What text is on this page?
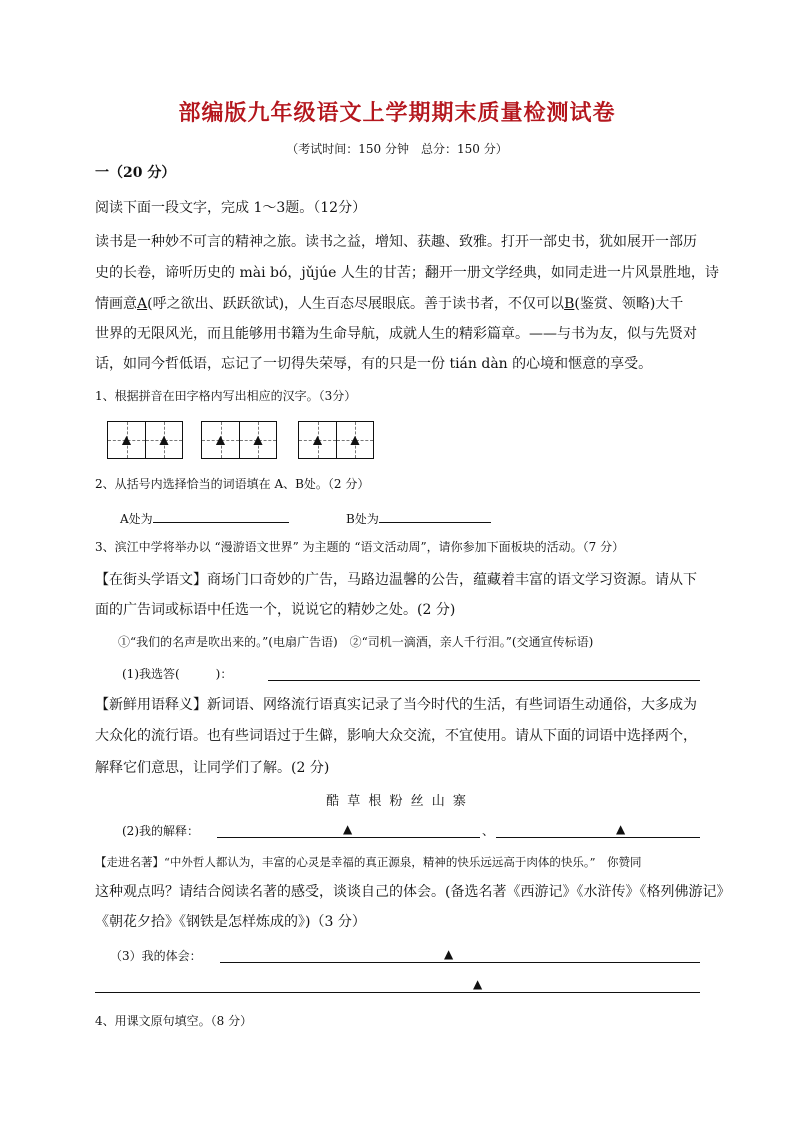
部编版九年级语文上学期期末质量检测试卷
（考试时间：150 分钟　总分：150 分）
一（20 分）
阅读下面一段文字，完成 1～3题。（12分）
读书是一种妙不可言的精神之旅。读书之益，增知、获趣、致雅。打开一部史书，犹如展开一部历
史的长卷，谛听历史的 mài bó，jǔjúe 人生的甘苦；翻开一册文学经典，如同走进一片风景胜地，诗
情画意A(呼之欲出、跃跃欲试)，人生百态尽展眼底。善于读书者，不仅可以B(鉴赏、领略)大千
世界的无限风光，而且能够用书籍为生命导航，成就人生的精彩篇章。——与书为友，似与先贤对
话，如同今哲低语，忘记了一切得失荣辱，有的只是一份 tián dàn 的心境和惬意的享受。
1、根据拼音在田字格内写出相应的汉字。（3分）
▲ ▲	▲ ▲	▲ ▲
2、从括号内选择恰当的词语填在 A、B处。（2 分）
A处为	B处为
3、滨江中学将举办以 “漫游语文世界” 为主题的 “语文活动周”，请你参加下面板块的活动。（7 分）
【在街头学语文】商场门口奇妙的广告，马路边温馨的公告，蕴藏着丰富的语文学习资源。请从下
面的广告词或标语中任选一个，说说它的精妙之处。(2 分)
①“我们的名声是吹出来的。”(电扇广告语)　②“司机一滴酒，亲人千行泪。”(交通宣传标语)
(1)我选答(　　　)：
【新鲜用语释义】新词语、网络流行语真实记录了当今时代的生活，有些词语生动通俗，大多成为
大众化的流行语。也有些词语过于生僻，影响大众交流，不宜使用。请从下面的词语中选择两个，
解释它们意思，让同学们了解。(2 分)
酷 草 根 粉 丝 山 寨
(2)我的解释：	▲	、	▲
【走进名著】“中外哲人都认为，丰富的心灵是幸福的真正源泉，精神的快乐远远高于肉体的快乐。”　你赞同
这种观点吗？请结合阅读名著的感受，谈谈自己的体会。(备选名著《西游记》《水浒传》《格列佛游记》
《朝花夕拾》《钢铁是怎样炼成的》)（3 分）
（3）我的体会：	▲
▲
4、用课文原句填空。（8 分）
